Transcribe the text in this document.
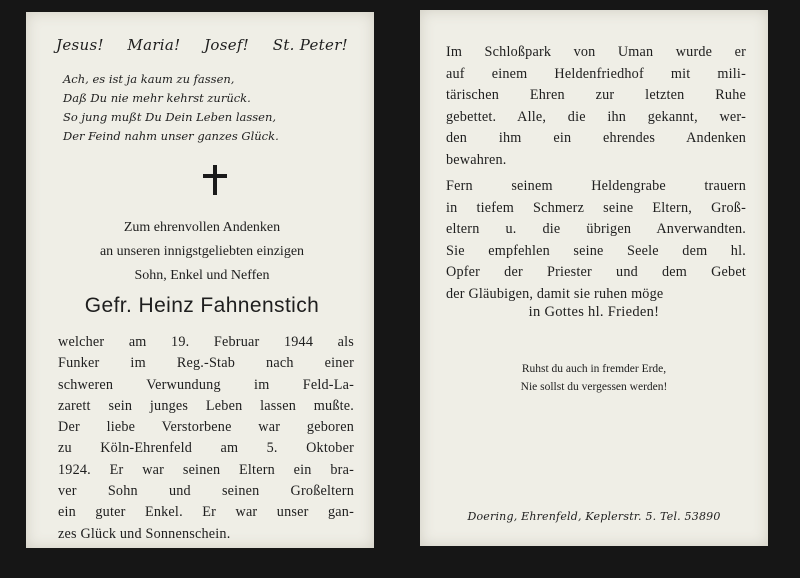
Jesus! Maria! Josef! St. Peter!
Ach, es ist ja kaum zu fassen,
Daß Du nie mehr kehrst zurück.
So jung mußt Du Dein Leben lassen,
Der Feind nahm unser ganzes Glück.
Zum ehrenvollen Andenken
an unseren innigstgeliebten einzigen
Sohn, Enkel und Neffen
Gefr. Heinz Fahnenstich
welcher am 19. Februar 1944 als
Funker im Reg.-Stab nach einer
schweren Verwundung im Feld-La-
zarett sein junges Leben lassen mußte.
Der liebe Verstorbene war geboren
zu Köln-Ehrenfeld am 5. Oktober
1924. Er war seinen Eltern ein bra-
ver Sohn und seinen Großeltern
ein guter Enkel. Er war unser gan-
zes Glück und Sonnenschein.
Im Schloßpark von Uman wurde er
auf einem Heldenfriedhof mit mili-
tärischen Ehren zur letzten Ruhe
gebettet. Alle, die ihn gekannt, wer-
den ihm ein ehrendes Andenken
bewahren.
Fern seinem Heldengrabe trauern
in tiefem Schmerz seine Eltern, Groß-
eltern u. die übrigen Anverwandten.
Sie empfehlen seine Seele dem hl.
Opfer der Priester und dem Gebet
der Gläubigen, damit sie ruhen möge
in Gottes hl. Frieden!
Ruhst du auch in fremder Erde,
Nie sollst du vergessen werden!
Doering, Ehrenfeld, Keplerstr. 5. Tel. 53890
